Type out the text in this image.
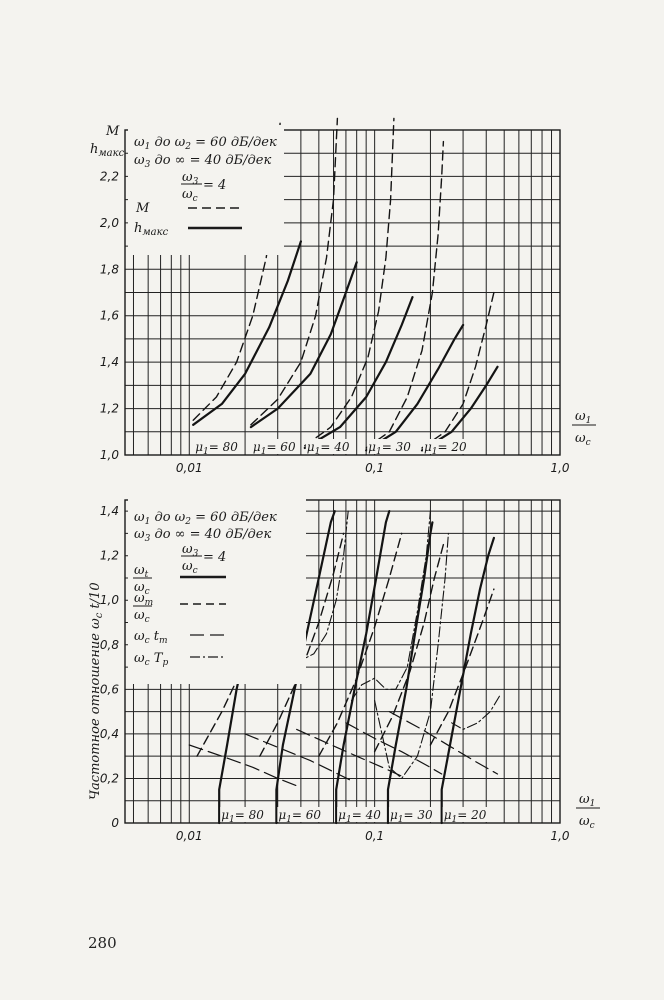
280
1,0
1,2
1,4
1,6
1,8
2,0
2,2
0,01	0,1	1,0
$\omega_1$ до $\omega_2 = 60$ дБ/дек
$\omega_3$ до ∞ = 40 дБ/дек
$\omega_3$
$\omega_c$
= 4
M
$h_{макс}$
M
$h_{макс}$
$\omega_1$
$\omega_c$
$\mu_1= 80$ $\mu_1= 60$ $\mu_1= 40$ $\mu_1= 30$ $\mu_1= 20$
0
0,2
0,4
0,6
0,8
1,0
1,2
1,4
0,01	0,1	1,0
$\omega_1$ до $\omega_2 = 60$ дБ/дек
$\omega_3$ до ∞ = 40 дБ/дек
$\omega_3$
$\omega_c$
= 4
$\omega_t$
$\omega_c$
$\omega_m$
$\omega_c$
$\omega_c$ $t_m$
$\omega_c$ $T_p$
Частотное отношение $\omega_c$ t/10
$\omega_1$
$\omega_c$
$\mu_1= 80$ $\mu_1= 60$ $\mu_1= 40$ $\mu_1= 30$ $\mu_1= 20$
